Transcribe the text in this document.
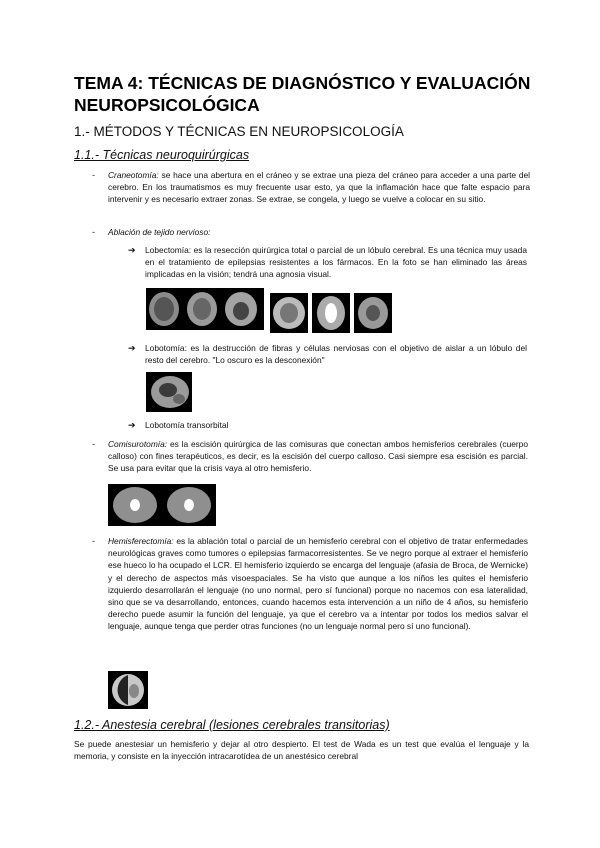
TEMA 4: TÉCNICAS DE DIAGNÓSTICO Y EVALUACIÓN NEUROPSICOLÓGICA
1.- MÉTODOS Y TÉCNICAS EN NEUROPSICOLOGÍA
1.1.- Técnicas neuroquirúrgicas
- Craneotomía: se hace una abertura en el cráneo y se extrae una pieza del cráneo para acceder a una parte del cerebro. En los traumatismos es muy frecuente usar esto, ya que la inflamación hace que falte espacio para intervenir y es necesario extraer zonas. Se extrae, se congela, y luego se vuelve a colocar en su sitio.
- Ablación de tejido nervioso:
➔ Lobectomía: es la resección quirúrgica total o parcial de un lóbulo cerebral. Es una técnica muy usada en el tratamiento de epilepsias resistentes a los fármacos. En la foto se han eliminado las áreas implicadas en la visión; tendrá una agnosia visual.
➔ Lobotomía: es la destrucción de fibras y células nerviosas con el objetivo de aislar a un lóbulo del resto del cerebro. "Lo oscuro es la desconexión"
➔ Lobotomía transorbital
- Comisurotomía: es la escisión quirúrgica de las comisuras que conectan ambos hemisferios cerebrales (cuerpo calloso) con fines terapéuticos, es decir, es la escisión del cuerpo calloso. Casi siempre esa escisión es parcial. Se usa para evitar que la crisis vaya al otro hemisferio.
- Hemisferectomía: es la ablación total o parcial de un hemisferio cerebral con el objetivo de tratar enfermedades neurológicas graves como tumores o epilepsias farmacorresistentes. Se ve negro porque al extraer el hemisferio ese hueco lo ha ocupado el LCR. El hemisferio izquierdo se encarga del lenguaje (afasia de Broca, de Wernicke) y el derecho de aspectos más visoespaciales. Se ha visto que aunque a los niños les quites el hemisferio izquierdo desarrollarán el lenguaje (no uno normal, pero sí funcional) porque no nacemos con esa lateralidad, sino que se va desarrollando, entonces, cuando hacemos esta intervención a un niño de 4 años, su hemisferio derecho puede asumir la función del lenguaje, ya que el cerebro va a intentar por todos los medios salvar el lenguaje, aunque tenga que perder otras funciones (no un lenguaje normal pero sí uno funcional).
1.2.- Anestesia cerebral (lesiones cerebrales transitorias)
Se puede anestesiar un hemisferio y dejar al otro despierto. El test de Wada es un test que evalúa el lenguaje y la memoria, y consiste en la inyección intracarotídea de un anestésico cerebral
